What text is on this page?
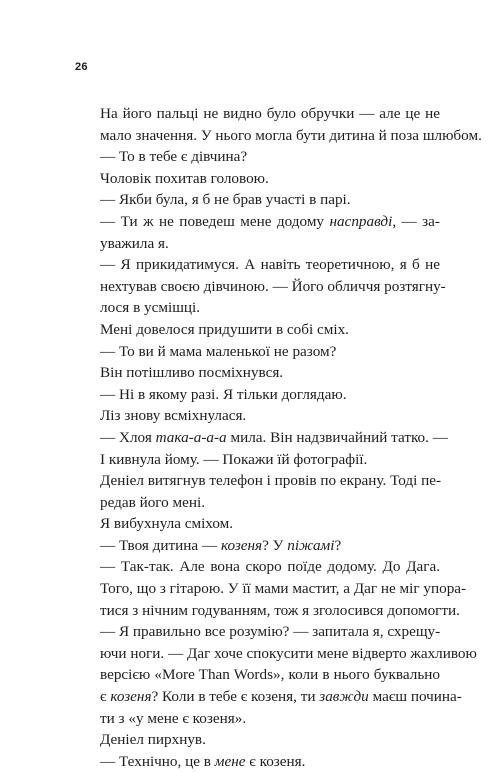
26
На його пальці не видно було обручки — але це не
мало значення. У нього могла бути дитина й поза шлюбом.
— То в тебе є дівчина?
Чоловік похитав головою.
— Якби була, я б не брав участі в парі.
— Ти ж не поведеш мене додому насправді, — за-
уважила я.
— Я прикидатимуся. А навіть теоретичною, я б не
нехтував своєю дівчиною. — Його обличчя розтягну-
лося в усмішці.
Мені довелося придушити в собі сміх.
— То ви й мама маленької не разом?
Він потішливо посміхнувся.
— Ні в якому разі. Я тільки доглядаю.
Ліз знову всміхнулася.
— Хлоя така-а-а-а мила. Він надзвичайний татко. —
І кивнула йому. — Покажи їй фотографії.
Деніел витягнув телефон і провів по екрану. Тоді пе-
редав його мені.
Я вибухнула сміхом.
— Твоя дитина — козеня? У піжамі?
— Так-так. Але вона скоро поїде додому. До Дага.
Того, що з гітарою. У її мами мастит, а Даг не міг упора-
тися з нічним годуванням, тож я зголосився допомогти.
— Я правильно все розумію? — запитала я, схрещу-
ючи ноги. — Даг хоче спокусити мене відверто жахливою
версією «More Than Words», коли в нього буквально
є козеня? Коли в тебе є козеня, ти завжди маєш почина-
ти з «у мене є козеня».
Деніел пирхнув.
— Технічно, це в мене є козеня.
